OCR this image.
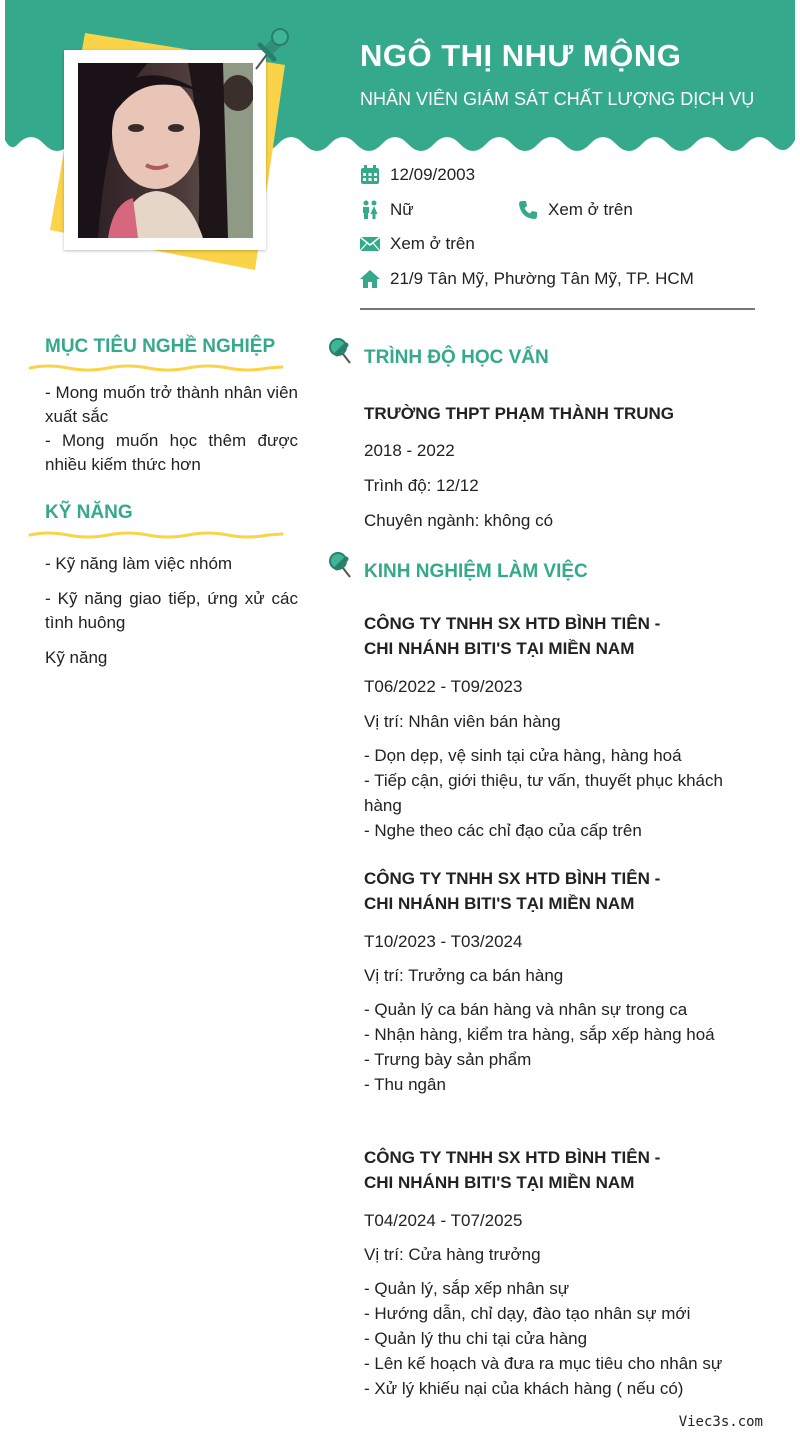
NGÔ THỊ NHƯ MỘNG
NHÂN VIÊN GIÁM SÁT CHẤT LƯỢNG DỊCH VỤ
12/09/2003
Nữ	Xem ở trên
Xem ở trên
21/9 Tân Mỹ, Phường Tân Mỹ, TP. HCM
MỤC TIÊU NGHỀ NGHIỆP

- Mong muốn trở thành nhân viên xuất sắc

- Mong muốn học thêm được nhiều kiếm thức hơn

KỸ NĂNG
- Kỹ năng làm việc nhóm
- Kỹ năng giao tiếp, ứng xử các tình huông
Kỹ năng
TRÌNH ĐỘ HỌC VẤN
TRƯỜNG THPT PHẠM THÀNH TRUNG
2018 - 2022
Trình độ: 12/12
Chuyên ngành: không có
KINH NGHIỆM LÀM VIỆC
CÔNG TY TNHH SX HTD BÌNH TIÊN - CHI NHÁNH BITI'S TẠI MIỀN NAM
T06/2022 - T09/2023
Vị trí: Nhân viên bán hàng

- Dọn dẹp, vệ sinh tại cửa hàng, hàng hoá

- Tiếp cận, giới thiệu, tư vấn, thuyết phục khách hàng

- Nghe theo các chỉ đạo của cấp trên

CÔNG TY TNHH SX HTD BÌNH TIÊN - CHI NHÁNH BITI'S TẠI MIỀN NAM
T10/2023 - T03/2024
Vị trí: Trưởng ca bán hàng

- Quản lý ca bán hàng và nhân sự trong ca

- Nhận hàng, kiểm tra hàng, sắp xếp hàng hoá

- Trưng bày sản phẩm

- Thu ngân

CÔNG TY TNHH SX HTD BÌNH TIÊN - CHI NHÁNH BITI'S TẠI MIỀN NAM
T04/2024 - T07/2025
Vị trí: Cửa hàng trưởng

- Quản lý, sắp xếp nhân sự

- Hướng dẫn, chỉ dạy, đào tạo nhân sự mới

- Quản lý thu chi tại cửa hàng

- Lên kế hoạch và đưa ra mục tiêu cho nhân sự

- Xử lý khiếu nại của khách hàng ( nếu có)

Viec3s.com
